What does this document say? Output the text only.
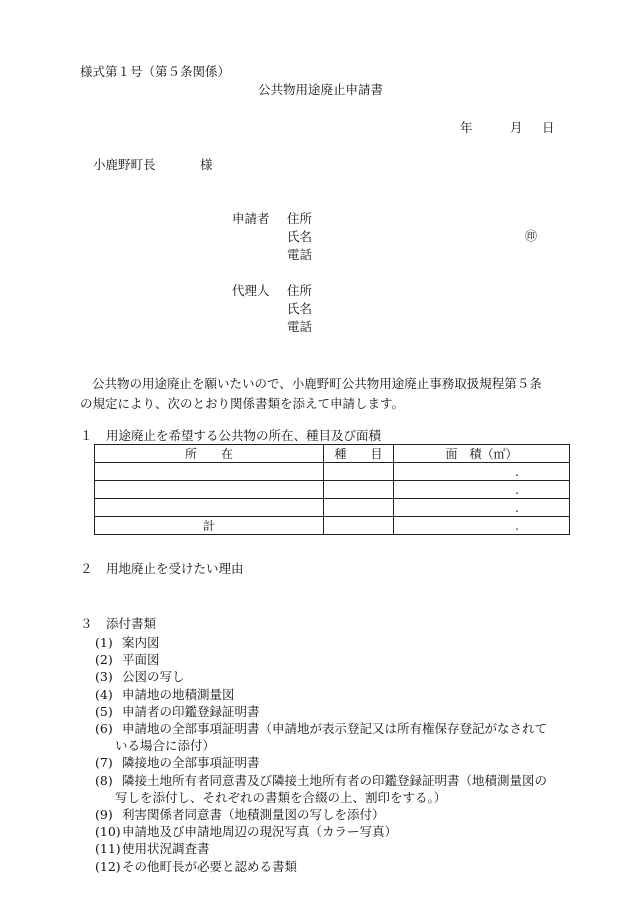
様式第１号（第５条関係）
公共物用途廃止申請書
年	月 日
小鹿野町長	様
申請者 住所
氏名
電話
㊞
代理人 住所
氏名
電話
公共物の用途廃止を願いたいので、小鹿野町公共物用途廃止事務取扱規程第５条
の規定により、次のとおり関係書類を添えて申請します。
１ 用途廃止を希望する公共物の所在、種目及び面積
所　　在	種　　目	面　積（㎡）
		.
		.
		.
計		.
２ 用地廃止を受けたい理由
３ 添付書類
(1) 案内図
(2) 平面図
(3) 公図の写し
(4) 申請地の地積測量図
(5) 申請者の印鑑登録証明書
(6) 申請地の全部事項証明書（申請地が表示登記又は所有権保存登記がなされて
いる場合に添付）
(7) 隣接地の全部事項証明書
(8) 隣接土地所有者同意書及び隣接土地所有者の印鑑登録証明書（地積測量図の
写しを添付し、それぞれの書類を合綴の上、割印をする。）
(9) 利害関係者同意書（地積測量図の写しを添付）
(10)申請地及び申請地周辺の現況写真（カラー写真）
(11)使用状況調査書
(12)その他町長が必要と認める書類
